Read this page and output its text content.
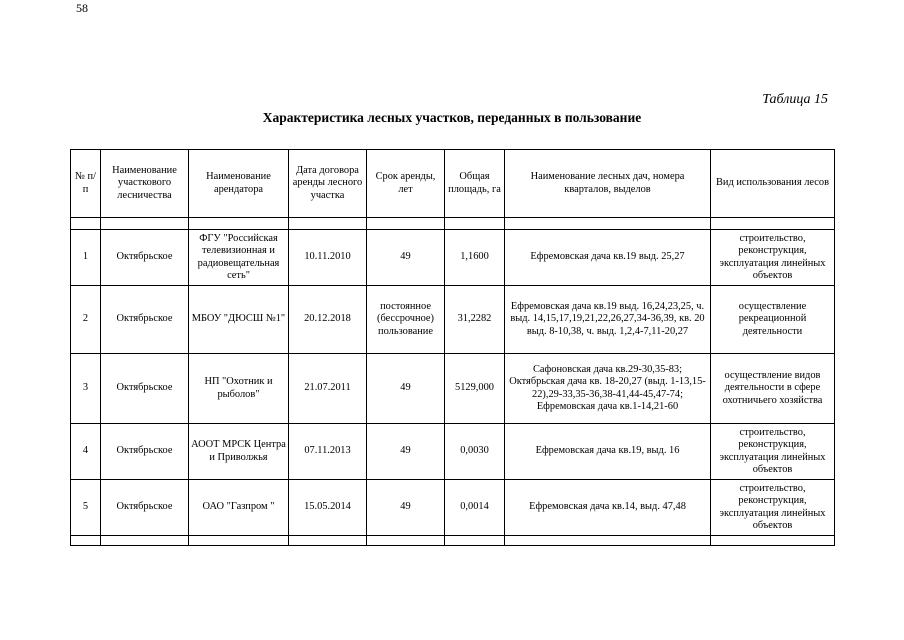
58
Таблица 15
Характеристика лесных участков, переданных в пользование
№ п/п	Наименование участкового лесничества	Наименование арендатора	Дата договора аренды лесного участка	Срок аренды, лет	Общая площадь, га	Наименование лесных дач, номера кварталов, выделов	Вид использования лесов

1	Октябрьское	ФГУ "Российская телевизионная и радиовещательная сеть"	10.11.2010	49	1,1600	Ефремовская дача кв.19 выд. 25,27	строительство, реконструкция, эксплуатация линейных объектов
2	Октябрьское	МБОУ "ДЮСШ №1"	20.12.2018	постоянное (бессрочное) пользование	31,2282	Ефремовская дача кв.19 выд. 16,24,23,25, ч. выд. 14,15,17,19,21,22,26,27,34-36,39, кв. 20 выд. 8-10,38, ч. выд. 1,2,4-7,11-20,27	осуществление рекреационной деятельности
3	Октябрьское	НП "Охотник и рыболов"	21.07.2011	49	5129,000	Сафоновская дача кв.29-30,35-83; Октябрьская дача кв. 18-20,27 (выд. 1-13,15-22),29-33,35-36,38-41,44-45,47-74; Ефремовская дача кв.1-14,21-60	осуществление видов деятельности в сфере охотничьего хозяйства
4	Октябрьское	АООТ МРСК Центра и Приволжья	07.11.2013	49	0,0030	Ефремовская дача кв.19, выд. 16	строительство, реконструкция, эксплуатация линейных объектов
5	Октябрьское	ОАО "Газпром "	15.05.2014	49	0,0014	Ефремовская дача кв.14, выд. 47,48	строительство, реконструкция, эксплуатация линейных объектов
